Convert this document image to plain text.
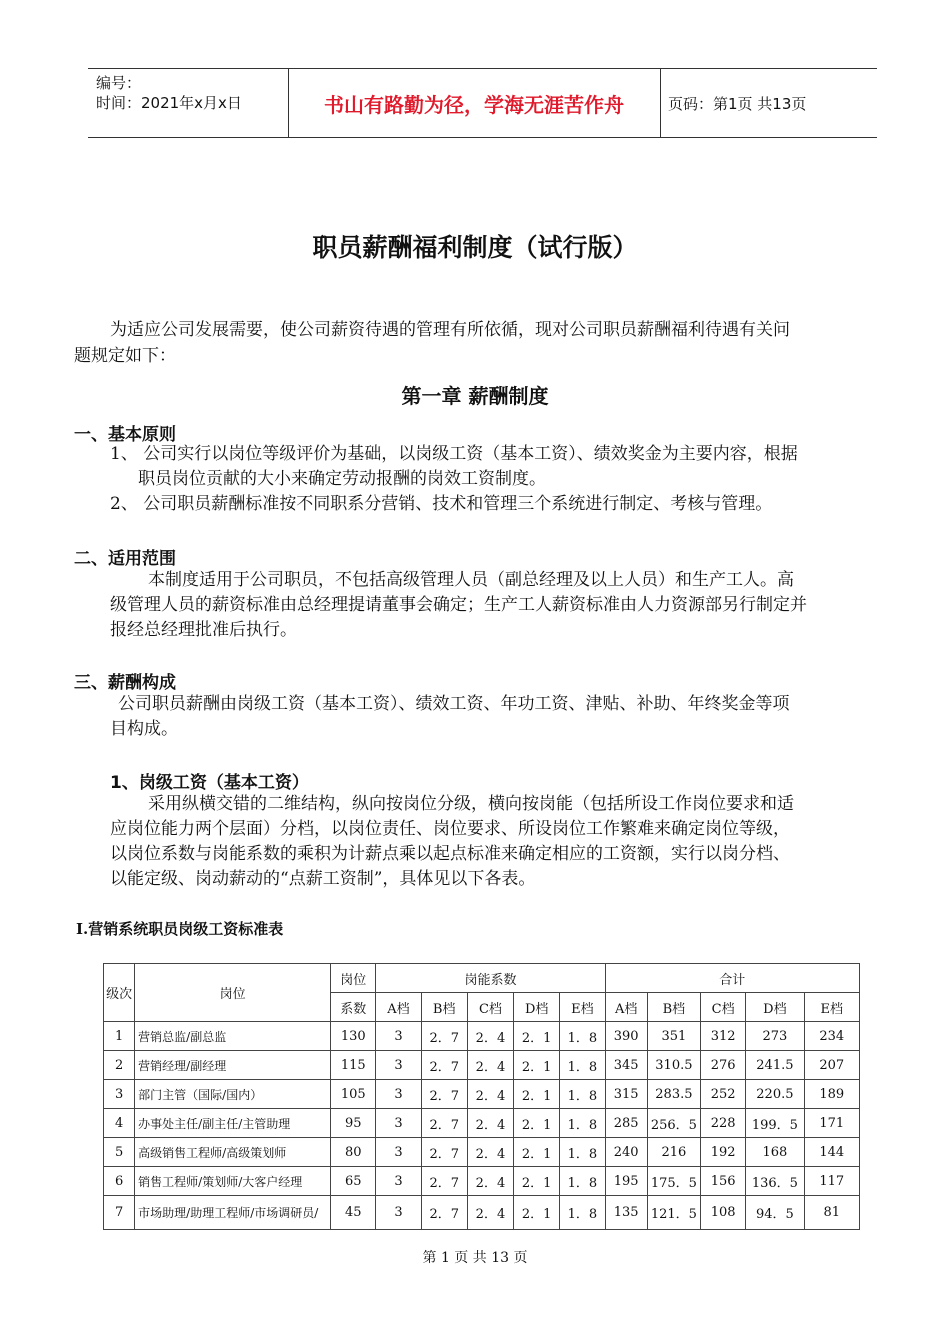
编号：
时间：2021年x月x日	书山有路勤为径，学海无涯苦作舟	页码：第1页 共13页
职员薪酬福利制度（试行版）
为适应公司发展需要，使公司薪资待遇的管理有所依循，现对公司职员薪酬福利待遇有关问
题规定如下：
第一章 薪酬制度
一、基本原则
1、 公司实行以岗位等级评价为基础，以岗级工资（基本工资）、绩效奖金为主要内容，根据
职员岗位贡献的大小来确定劳动报酬的岗效工资制度。
2、 公司职员薪酬标准按不同职系分营销、技术和管理三个系统进行制定、考核与管理。
二、适用范围
本制度适用于公司职员，不包括高级管理人员（副总经理及以上人员）和生产工人。高
级管理人员的薪资标准由总经理提请董事会确定；生产工人薪资标准由人力资源部另行制定并
报经总经理批准后执行。
三、薪酬构成
公司职员薪酬由岗级工资（基本工资）、绩效工资、年功工资、津贴、补助、年终奖金等项
目构成。
1、岗级工资（基本工资）
采用纵横交错的二维结构，纵向按岗位分级，横向按岗能（包括所设工作岗位要求和适
应岗位能力两个层面）分档，以岗位责任、岗位要求、所设岗位工作繁难来确定岗位等级，
以岗位系数与岗能系数的乘积为计薪点乘以起点标准来确定相应的工资额，实行以岗分档、
以能定级、岗动薪动的“点薪工资制”，具体见以下各表。
Ⅰ.营销系统职员岗级工资标准表
级次	岗位	岗位	岗能系数					合计				
		系数	A档	B档	C档	D档	E档	A档	B档	C档	D档	E档
1	营销总监/副总监	130	3	2．7	2．4	2．1	1．8	390	351	312	273	234
2	营销经理/副经理	115	3	2．7	2．4	2．1	1．8	345	310.5	276	241.5	207
3	部门主管（国际/国内）	105	3	2．7	2．4	2．1	1．8	315	283.5	252	220.5	189
4	办事处主任/副主任/主管助理	95	3	2．7	2．4	2．1	1．8	285	256．5	228	199．5	171
5	高级销售工程师/高级策划师	80	3	2．7	2．4	2．1	1．8	240	216	192	168	144
6	销售工程师/策划师/大客户经理	65	3	2．7	2．4	2．1	1．8	195	175．5	156	136．5	117
7	市场助理/助理工程师/市场调研员/	45	3	2．7	2．4	2．1	1．8	135	121．5	108	94．5	81
第 1 页 共 13 页
